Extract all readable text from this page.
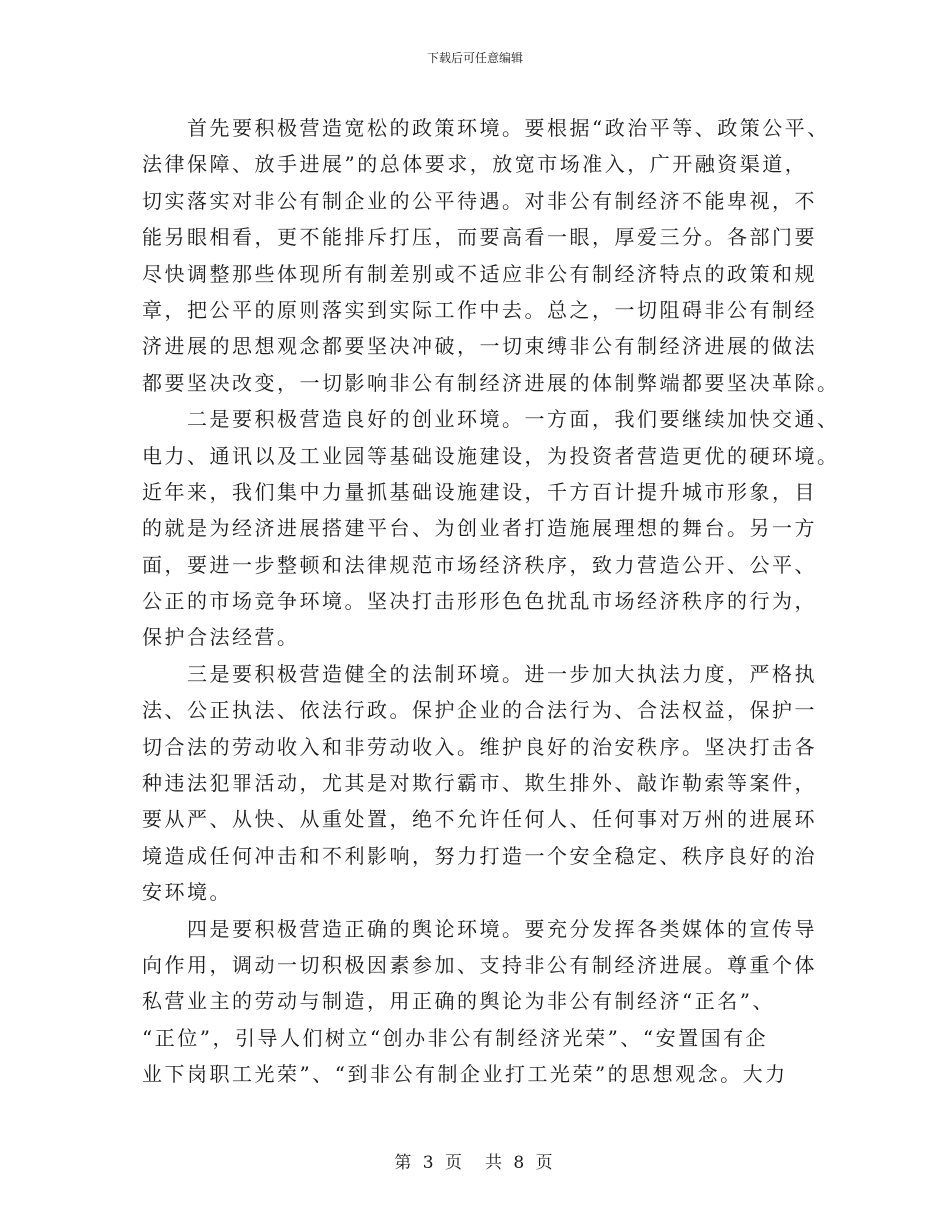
下载后可任意编辑
　　首先要积极营造宽松的政策环境。要根据“政治平等、政策公平、
法律保障、放手进展”的总体要求，放宽市场准入，广开融资渠道，
切实落实对非公有制企业的公平待遇。对非公有制经济不能卑视，不
能另眼相看，更不能排斥打压，而要高看一眼，厚爱三分。各部门要
尽快调整那些体现所有制差别或不适应非公有制经济特点的政策和规
章，把公平的原则落实到实际工作中去。总之，一切阻碍非公有制经
济进展的思想观念都要坚决冲破，一切束缚非公有制经济进展的做法
都要坚决改变，一切影响非公有制经济进展的体制弊端都要坚决革除。
　　二是要积极营造良好的创业环境。一方面，我们要继续加快交通、
电力、通讯以及工业园等基础设施建设，为投资者营造更优的硬环境。
近年来，我们集中力量抓基础设施建设，千方百计提升城市形象，目
的就是为经济进展搭建平台、为创业者打造施展理想的舞台。另一方
面，要进一步整顿和法律规范市场经济秩序，致力营造公开、公平、
公正的市场竞争环境。坚决打击形形色色扰乱市场经济秩序的行为，
保护合法经营。
　　三是要积极营造健全的法制环境。进一步加大执法力度，严格执
法、公正执法、依法行政。保护企业的合法行为、合法权益，保护一
切合法的劳动收入和非劳动收入。维护良好的治安秩序。坚决打击各
种违法犯罪活动，尤其是对欺行霸市、欺生排外、敲诈勒索等案件，
要从严、从快、从重处置，绝不允许任何人、任何事对万州的进展环
境造成任何冲击和不利影响，努力打造一个安全稳定、秩序良好的治
安环境。
　　四是要积极营造正确的舆论环境。要充分发挥各类媒体的宣传导
向作用，调动一切积极因素参加、支持非公有制经济进展。尊重个体
私营业主的劳动与制造，用正确的舆论为非公有制经济“正名”、
“正位”，引导人们树立“创办非公有制经济光荣”、“安置国有企
业下岗职工光荣”、“到非公有制企业打工光荣”的思想观念。大力
第 3 页　共 8 页
